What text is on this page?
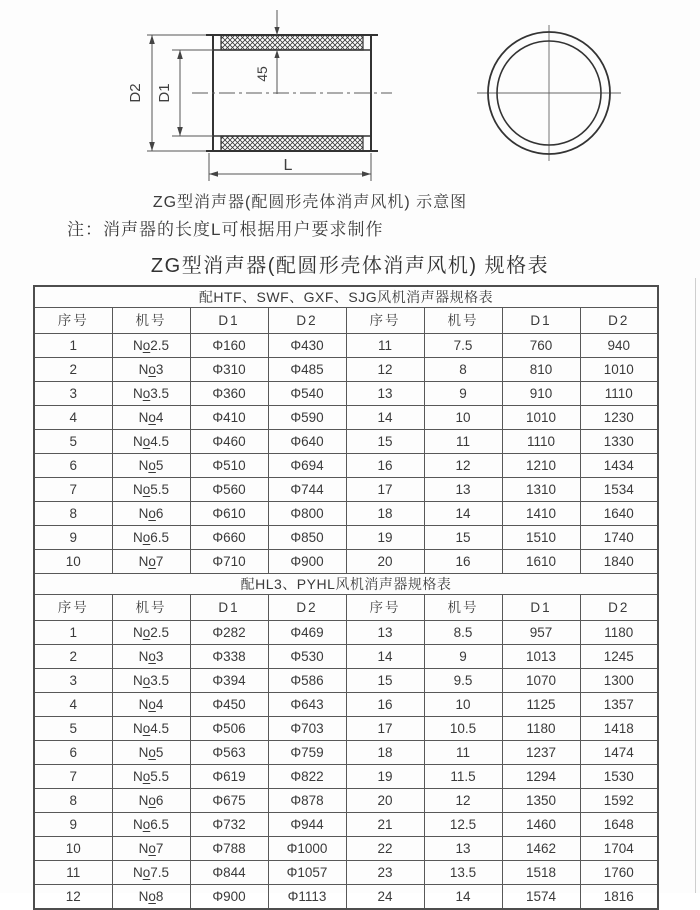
D2 D1
45
L
ZG型消声器(配圆形壳体消声风机) 示意图
注：消声器的长度L可根据用户要求制作
ZG型消声器(配圆形壳体消声风机) 规格表
配HTF、SWF、GXF、SJG风机消声器规格表							
序号	机号	D1	D2	序号	机号	D1	D2
1	No2.5	Φ160	Φ430	11	7.5	760	940
2	No3	Φ310	Φ485	12	8	810	1010
3	No3.5	Φ360	Φ540	13	9	910	1110
4	No4	Φ410	Φ590	14	10	1010	1230
5	No4.5	Φ460	Φ640	15	11	1110	1330
6	No5	Φ510	Φ694	16	12	1210	1434
7	No5.5	Φ560	Φ744	17	13	1310	1534
8	No6	Φ610	Φ800	18	14	1410	1640
9	No6.5	Φ660	Φ850	19	15	1510	1740
10	No7	Φ710	Φ900	20	16	1610	1840
配HL3、PYHL风机消声器规格表							
序号	机号	D1	D2	序号	机号	D1	D2
1	No2.5	Φ282	Φ469	13	8.5	957	1180
2	No3	Φ338	Φ530	14	9	1013	1245
3	No3.5	Φ394	Φ586	15	9.5	1070	1300
4	No4	Φ450	Φ643	16	10	1125	1357
5	No4.5	Φ506	Φ703	17	10.5	1180	1418
6	No5	Φ563	Φ759	18	11	1237	1474
7	No5.5	Φ619	Φ822	19	11.5	1294	1530
8	No6	Φ675	Φ878	20	12	1350	1592
9	No6.5	Φ732	Φ944	21	12.5	1460	1648
10	No7	Φ788	Φ1000	22	13	1462	1704
11	No7.5	Φ844	Φ1057	23	13.5	1518	1760
12	No8	Φ900	Φ1113	24	14	1574	1816
